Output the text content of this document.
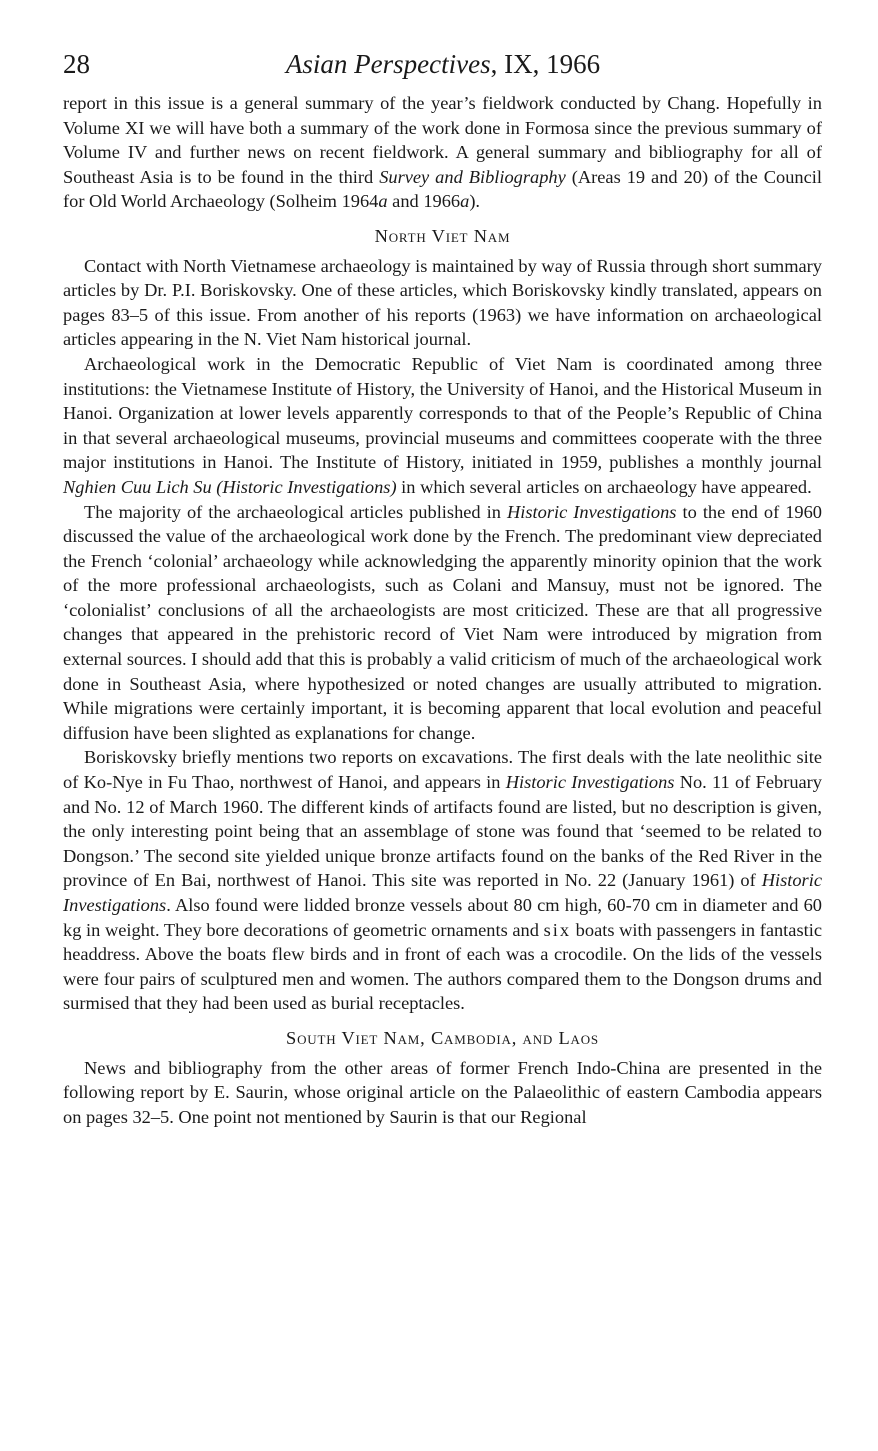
28	Asian Perspectives, IX, 1966

report in this issue is a general summary of the year’s fieldwork conducted by Chang. Hopefully in Volume XI we will have both a summary of the work done in Formosa since the previous summary of Volume IV and further news on recent fieldwork. A general summary and bibliography for all of Southeast Asia is to be found in the third Survey and Bibliography (Areas 19 and 20) of the Council for Old World Archaeology (Solheim 1964a and 1966a).

North Viet Nam

Contact with North Vietnamese archaeology is maintained by way of Russia through short summary articles by Dr. P.I. Boriskovsky. One of these articles, which Boriskovsky kindly translated, appears on pages 83–5 of this issue. From another of his reports (1963) we have information on archaeological articles appearing in the N. Viet Nam historical journal.

Archaeological work in the Democratic Republic of Viet Nam is coordinated among three institutions: the Vietnamese Institute of History, the University of Hanoi, and the Historical Museum in Hanoi. Organization at lower levels apparently corresponds to that of the People’s Republic of China in that several archaeological museums, provincial museums and committees cooperate with the three major institutions in Hanoi. The Institute of History, initiated in 1959, publishes a monthly journal Nghien Cuu Lich Su (Historic Investigations) in which several articles on archaeology have appeared.

The majority of the archaeological articles published in Historic Investigations to the end of 1960 discussed the value of the archaeological work done by the French. The predominant view depreciated the French ‘colonial’ archaeology while acknowledging the apparently minority opinion that the work of the more professional archaeologists, such as Colani and Mansuy, must not be ignored. The ‘colonialist’ conclusions of all the archaeologists are most criticized. These are that all progressive changes that appeared in the prehistoric record of Viet Nam were introduced by migration from external sources. I should add that this is probably a valid criticism of much of the archaeological work done in Southeast Asia, where hypothesized or noted changes are usually attributed to migration. While migrations were certainly important, it is becoming apparent that local evolution and peaceful diffusion have been slighted as explanations for change.

Boriskovsky briefly mentions two reports on excavations. The first deals with the late neolithic site of Ko-Nye in Fu Thao, northwest of Hanoi, and appears in Historic Investigations No. 11 of February and No. 12 of March 1960. The different kinds of artifacts found are listed, but no description is given, the only interesting point being that an assemblage of stone was found that ‘seemed to be related to Dongson.’ The second site yielded unique bronze artifacts found on the banks of the Red River in the province of En Bai, northwest of Hanoi. This site was reported in No. 22 (January 1961) of Historic Investigations. Also found were lidded bronze vessels about 80 cm high, 60-70 cm in diameter and 60 kg in weight. They bore decorations of geometric ornaments and six boats with passengers in fantastic headdress. Above the boats flew birds and in front of each was a crocodile. On the lids of the vessels were four pairs of sculptured men and women. The authors compared them to the Dongson drums and surmised that they had been used as burial receptacles.

South Viet Nam, Cambodia, and Laos

News and bibliography from the other areas of former French Indo-China are presented in the following report by E. Saurin, whose original article on the Palaeolithic of eastern Cambodia appears on pages 32–5. One point not mentioned by Saurin is that our Regional
